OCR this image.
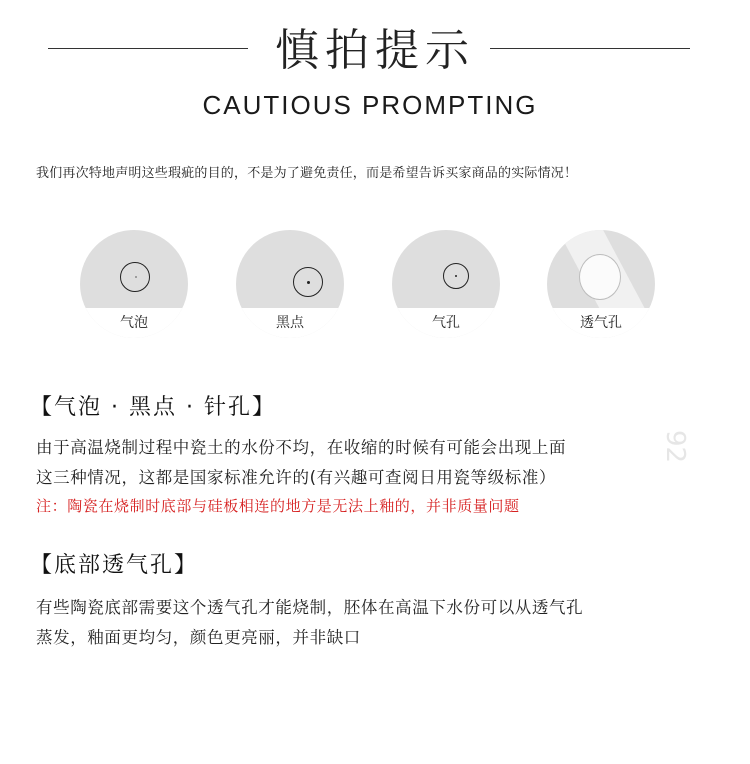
慎拍提示
CAUTIOUS PROMPTING
我们再次特地声明这些瑕疵的目的，不是为了避免责任，而是希望告诉买家商品的实际情况！
气泡	黑点	气孔	透气孔
【气泡 · 黑点 · 针孔】
由于高温烧制过程中瓷土的水份不均，在收缩的时候有可能会出现上面
这三种情况，这都是国家标准允许的(有兴趣可查阅日用瓷等级标准）
注：陶瓷在烧制时底部与硅板相连的地方是无法上釉的，并非质量问题
【底部透气孔】
有些陶瓷底部需要这个透气孔才能烧制，胚体在高温下水份可以从透气孔
蒸发，釉面更均匀，颜色更亮丽，并非缺口
92
